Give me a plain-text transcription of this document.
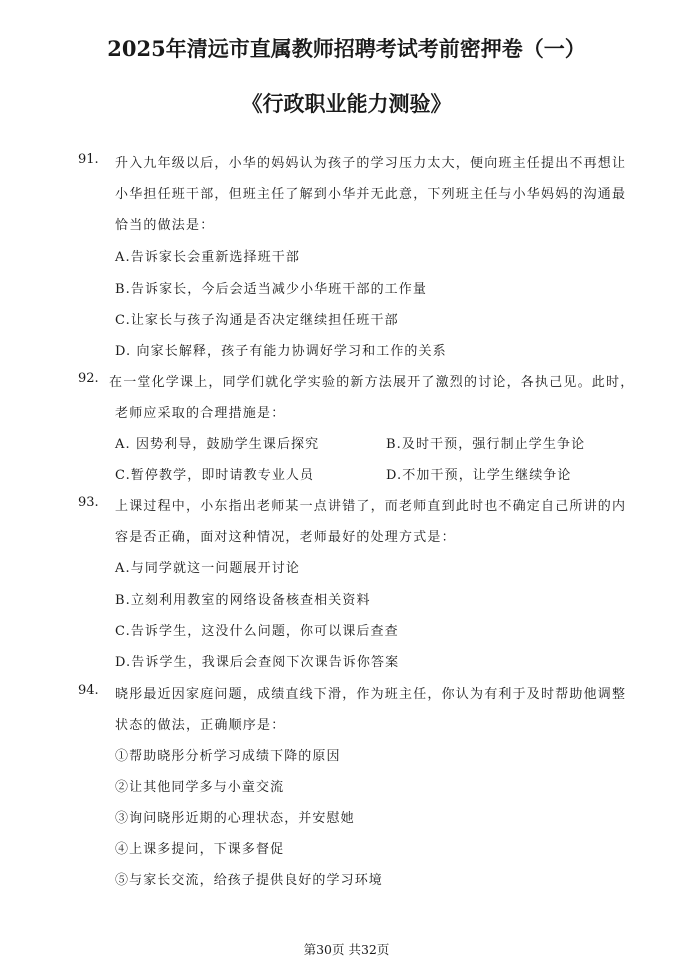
2025年清远市直属教师招聘考试考前密押卷（一）
《行政职业能力测验》
91. 升入九年级以后，小华的妈妈认为孩子的学习压力太大，便向班主任提出不再想让
小华担任班干部，但班主任了解到小华并无此意，下列班主任与小华妈妈的沟通最
恰当的做法是：
A.告诉家长会重新选择班干部
B.告诉家长，今后会适当减少小华班干部的工作量
C.让家长与孩子沟通是否决定继续担任班干部
D. 向家长解释，孩子有能力协调好学习和工作的关系
92. 在一堂化学课上，同学们就化学实验的新方法展开了激烈的讨论，各执己见。此时，
老师应采取的合理措施是：
A. 因势利导，鼓励学生课后探究	B.及时干预，强行制止学生争论
C.暂停教学，即时请教专业人员	D.不加干预，让学生继续争论
93. 上课过程中，小东指出老师某一点讲错了，而老师直到此时也不确定自己所讲的内
容是否正确，面对这种情况，老师最好的处理方式是：
A.与同学就这一问题展开讨论
B.立刻利用教室的网络设备核查相关资料
C.告诉学生，这没什么问题，你可以课后查查
D.告诉学生，我课后会查阅下次课告诉你答案
94. 晓彤最近因家庭问题，成绩直线下滑，作为班主任，你认为有利于及时帮助他调整
状态的做法，正确顺序是：
①帮助晓彤分析学习成绩下降的原因
②让其他同学多与小童交流
③询问晓彤近期的心理状态，并安慰她
④上课多提问，下课多督促
⑤与家长交流，给孩子提供良好的学习环境
第30页 共32页
